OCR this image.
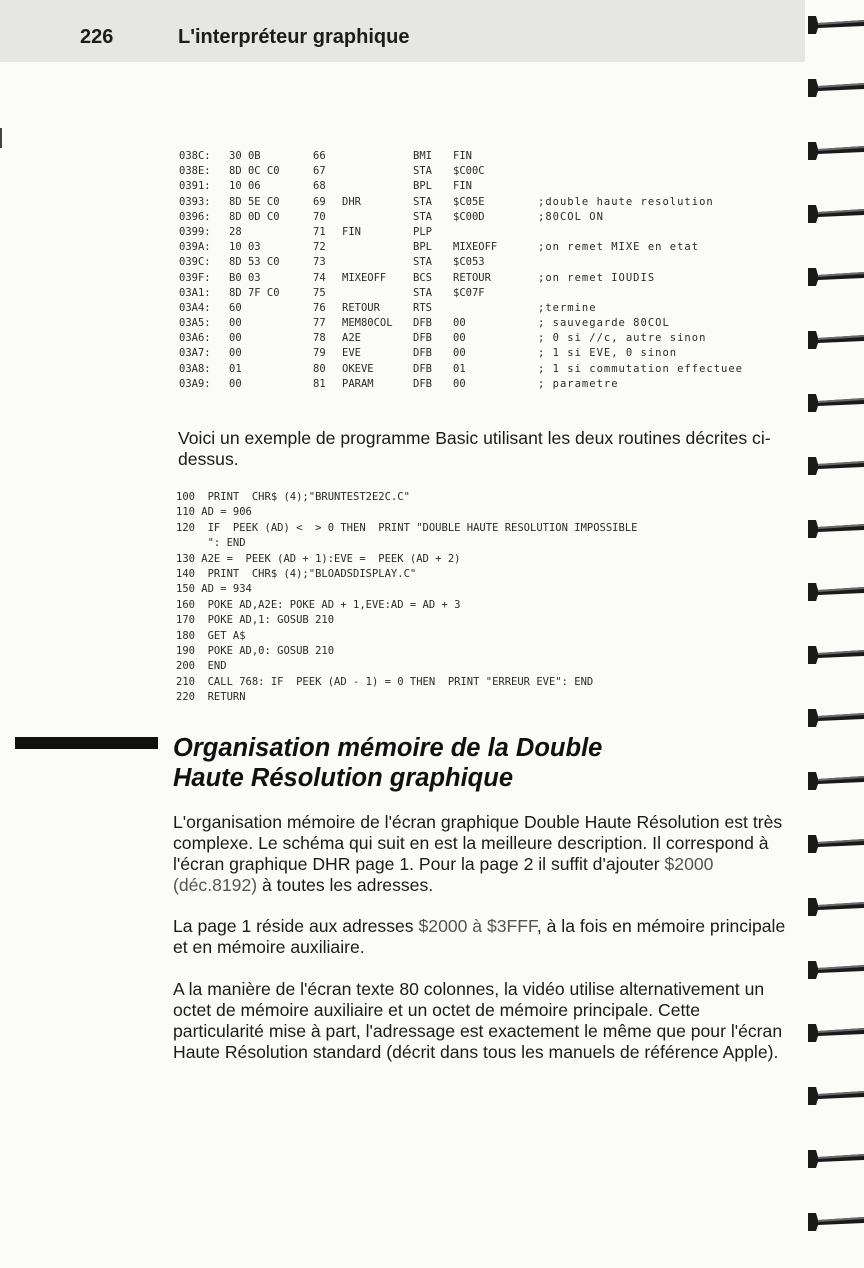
226	L'interpréteur graphique
038C: 30 0B	66	BMI FIN
038E: 8D 0C C0	67	STA $C00C
0391: 10 06	68	BPL FIN
0393: 8D 5E C0	69 DHR	STA $C05E	;double haute resolution
0396: 8D 0D C0	70	STA $C00D	;80COL ON
0399: 28	71 FIN	PLP
039A: 10 03	72	BPL MIXEOFF	;on remet MIXE en etat
039C: 8D 53 C0	73	STA $C053
039F: B0 03	74 MIXEOFF	BCS RETOUR	;on remet IOUDIS
03A1: 8D 7F C0	75	STA $C07F
03A4: 60	76 RETOUR	RTS	;termine
03A5: 00	77 MEM80COL DFB 00	; sauvegarde 80COL
03A6: 00	78 A2E	DFB 00	; 0 si //c, autre sinon
03A7: 00	79 EVE	DFB 00	; 1 si EVE, 0 sinon
03A8: 01	80 OKEVE	DFB 01	; 1 si commutation effectuee
03A9: 00	81 PARAM	DFB 00	; parametre

Voici un exemple de programme Basic utilisant les deux routines décrites ci-dessus.

100  PRINT  CHR$ (4);"BRUNTEST2E2C.C"
110 AD = 906
120  IF  PEEK (AD) <  > 0 THEN  PRINT "DOUBLE HAUTE RESOLUTION IMPOSSIBLE
": END
130 A2E =  PEEK (AD + 1):EVE =  PEEK (AD + 2)
140  PRINT  CHR$ (4);"BLOADSDISPLAY.C"
150 AD = 934
160  POKE AD,A2E: POKE AD + 1,EVE:AD = AD + 3
170  POKE AD,1: GOSUB 210
180  GET A$
190  POKE AD,0: GOSUB 210
200  END
210  CALL 768: IF  PEEK (AD - 1) = 0 THEN  PRINT "ERREUR EVE": END
220  RETURN
Organisation mémoire de la Double
Haute Résolution graphique

L'organisation mémoire de l'écran graphique Double Haute Résolution est très complexe. Le schéma qui suit en est la meilleure description. Il correspond à l'écran graphique DHR page 1. Pour la page 2 il suffit d'ajouter $2000 (déc.8192) à toutes les adresses.

La page 1 réside aux adresses $2000 à $3FFF, à la fois en mémoire principale et en mémoire auxiliaire.

A la manière de l'écran texte 80 colonnes, la vidéo utilise alternativement un octet de mémoire auxiliaire et un octet de mémoire principale. Cette particularité mise à part, l'adressage est exactement le même que pour l'écran Haute Résolution standard (décrit dans tous les manuels de référence Apple).
